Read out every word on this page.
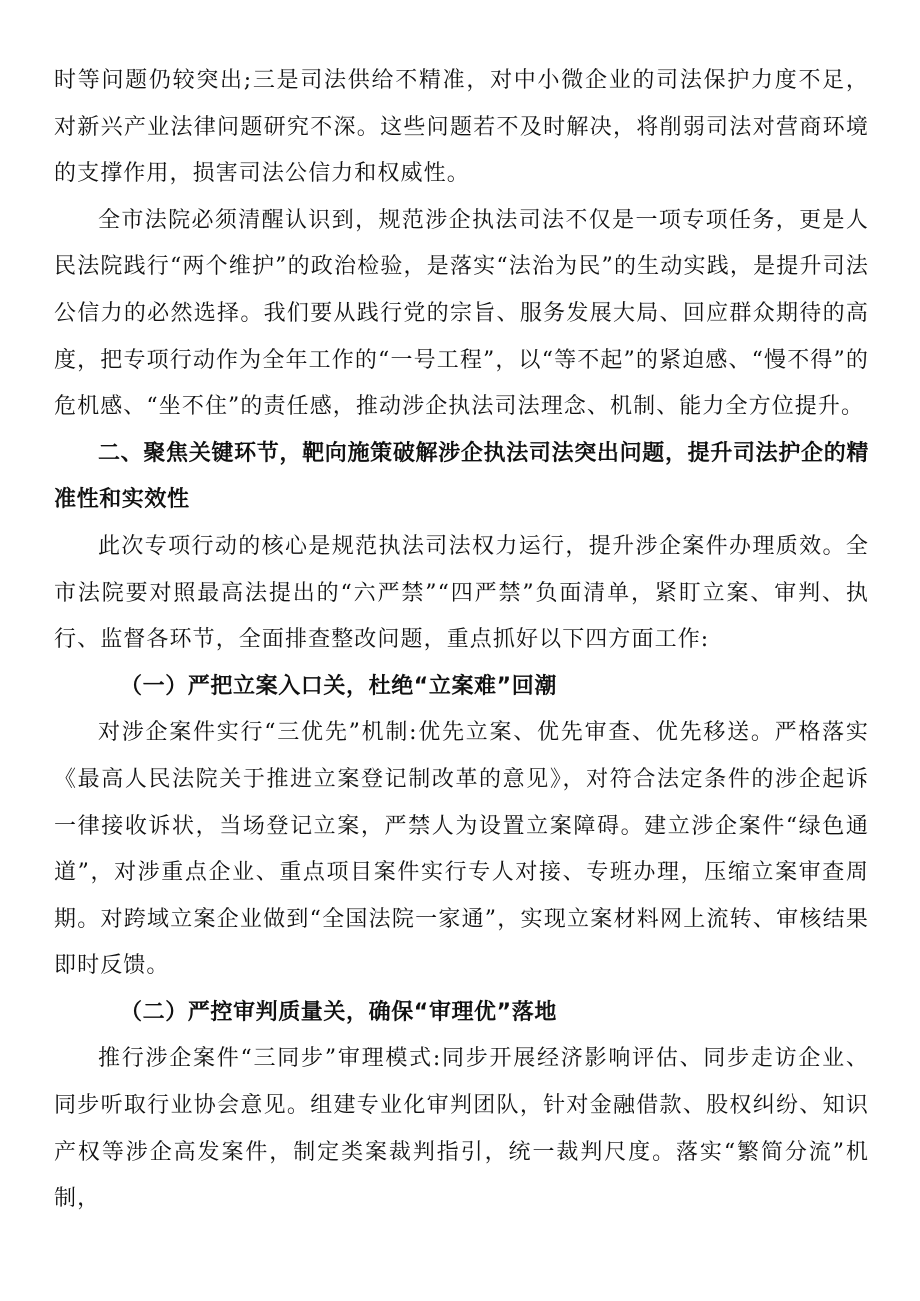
时等问题仍较突出;三是司法供给不精准，对中小微企业的司法保护力度不足，对新兴产业法律问题研究不深。这些问题若不及时解决，将削弱司法对营商环境的支撑作用，损害司法公信力和权威性。

全市法院必须清醒认识到，规范涉企执法司法不仅是一项专项任务，更是人民法院践行“两个维护”的政治检验，是落实“法治为民”的生动实践，是提升司法公信力的必然选择。我们要从践行党的宗旨、服务发展大局、回应群众期待的高度，把专项行动作为全年工作的“一号工程”，以“等不起”的紧迫感、“慢不得”的危机感、“坐不住”的责任感，推动涉企执法司法理念、机制、能力全方位提升。

二、聚焦关键环节，靶向施策破解涉企执法司法突出问题，提升司法护企的精准性和实效性

此次专项行动的核心是规范执法司法权力运行，提升涉企案件办理质效。全市法院要对照最高法提出的“六严禁”“四严禁”负面清单，紧盯立案、审判、执行、监督各环节，全面排查整改问题，重点抓好以下四方面工作:

（一）严把立案入口关，杜绝“立案难”回潮

对涉企案件实行“三优先”机制:优先立案、优先审查、优先移送。严格落实《最高人民法院关于推进立案登记制改革的意见》，对符合法定条件的涉企起诉一律接收诉状，当场登记立案，严禁人为设置立案障碍。建立涉企案件“绿色通道”，对涉重点企业、重点项目案件实行专人对接、专班办理，压缩立案审查周期。对跨域立案企业做到“全国法院一家通”，实现立案材料网上流转、审核结果即时反馈。

（二）严控审判质量关，确保“审理优”落地

推行涉企案件“三同步”审理模式:同步开展经济影响评估、同步走访企业、同步听取行业协会意见。组建专业化审判团队，针对金融借款、股权纠纷、知识产权等涉企高发案件，制定类案裁判指引，统一裁判尺度。落实“繁简分流”机制，
